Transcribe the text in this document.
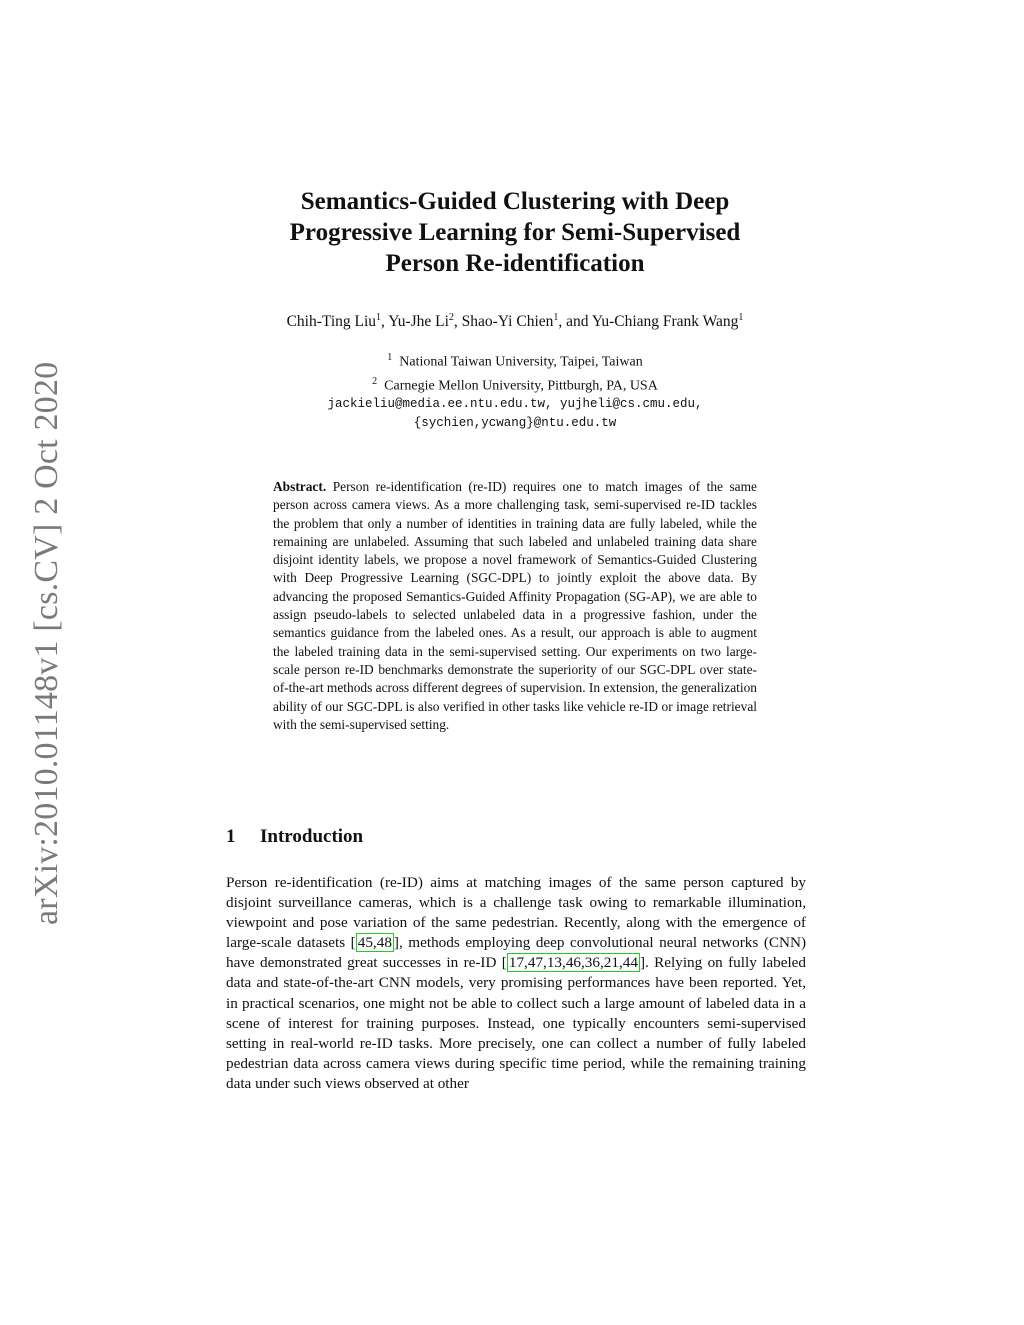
arXiv:2010.01148v1 [cs.CV] 2 Oct 2020
Semantics-Guided Clustering with Deep
Progressive Learning for Semi-Supervised
Person Re-identification
Chih-Ting Liu$^1$, Yu-Jhe Li$^2$, Shao-Yi Chien$^1$, and Yu-Chiang Frank Wang$^1$
$^1$ National Taiwan University, Taipei, Taiwan
$^2$ Carnegie Mellon University, Pittburgh, PA, USA
jackieliu@media.ee.ntu.edu.tw, yujheli@cs.cmu.edu,
{sychien,ycwang}@ntu.edu.tw
Abstract. Person re-identification (re-ID) requires one to match images of the same person across camera views. As a more challenging task, semi-supervised re-ID tackles the problem that only a number of identities in training data are fully labeled, while the remaining are unlabeled. Assuming that such labeled and unlabeled training data share disjoint identity labels, we propose a novel framework of Semantics-Guided Clustering with Deep Progressive Learning (SGC-DPL) to jointly exploit the above data. By advancing the proposed Semantics-Guided Affinity Propagation (SG-AP), we are able to assign pseudo-labels to selected unlabeled data in a progressive fashion, under the semantics guidance from the labeled ones. As a result, our approach is able to augment the labeled training data in the semi-supervised setting. Our experiments on two large-scale person re-ID benchmarks demonstrate the superiority of our SGC-DPL over state-of-the-art methods across different degrees of supervision. In extension, the generalization ability of our SGC-DPL is also verified in other tasks like vehicle re-ID or image retrieval with the semi-supervised setting.
1 Introduction
Person re-identification (re-ID) aims at matching images of the same person captured by disjoint surveillance cameras, which is a challenge task owing to remarkable illumination, viewpoint and pose variation of the same pedestrian. Recently, along with the emergence of large-scale datasets [ 45,48 ], methods employing deep convolutional neural networks (CNN) have demonstrated great successes in re-ID [ 17,47,13,46,36,21,44 ]. Relying on fully labeled data and state-of-the-art CNN models, very promising performances have been reported. Yet, in practical scenarios, one might not be able to collect such a large amount of labeled data in a scene of interest for training purposes. Instead, one typically encounters semi-supervised setting in real-world re-ID tasks. More precisely, one can collect a number of fully labeled pedestrian data across camera views during specific time period, while the remaining training data under such views observed at other
